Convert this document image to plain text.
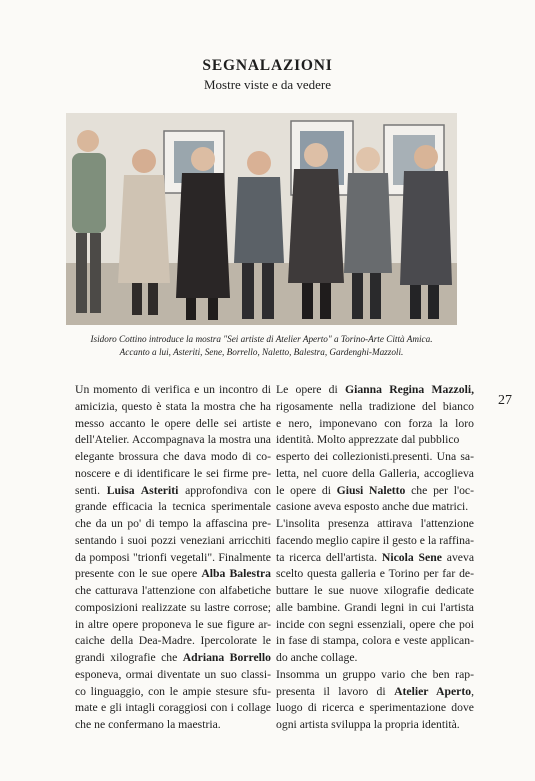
SEGNALAZIONI
Mostre viste e da vedere
Isidoro Cottino introduce la mostra "Sei artiste di Atelier Aperto" a Torino-Arte Città Amica.
Accanto a lui, Asteriti, Sene, Borrello, Naletto, Balestra, Gardenghi-Mazzoli.
Un momento di verifica e un incontro di
amicizia, questo è stata la mostra che ha
messo accanto le opere delle sei artiste
dell'Atelier. Accompagnava la mostra una
elegante brossura che dava modo di co-
noscere e di identificare le sei firme pre-
senti. Luisa Asteriti approfondiva con
grande efficacia la tecnica sperimentale
che da un po' di tempo la affascina pre-
sentando i suoi pozzi veneziani arricchiti
da pomposi "trionfi vegetali". Finalmente
presente con le sue opere Alba Balestra
che catturava l'attenzione con alfabetiche
composizioni realizzate su lastre corrose;
in altre opere proponeva le sue figure ar-
caiche della Dea-Madre. Ipercolorate le
grandi xilografie che Adriana Borrello
esponeva, ormai diventate un suo classi-
co linguaggio, con le ampie stesure sfu-
mate e gli intagli coraggiosi con i collage
che ne confermano la maestria.
Le opere di Gianna Regina Mazzoli,
rigosamente nella tradizione del bianco
e nero, imponevano con forza la loro
identità. Molto apprezzate dal pubblico
esperto dei collezionisti.presenti. Una sa-
letta, nel cuore della Galleria, accoglieva
le opere di Giusi Naletto che per l'oc-
casione aveva esposto anche due matrici.
L'insolita presenza attirava l'attenzione
facendo meglio capire il gesto e la raffina-
ta ricerca dell'artista. Nicola Sene aveva
scelto questa galleria e Torino per far de-
buttare le sue nuove xilografie dedicate
alle bambine. Grandi legni in cui l'artista
incide con segni essenziali, opere che poi
in fase di stampa, colora e veste applican-
do anche collage.
Insomma un gruppo vario che ben rap-
presenta il lavoro di Atelier Aperto,
luogo di ricerca e sperimentazione dove
ogni artista sviluppa la propria identità.
27
